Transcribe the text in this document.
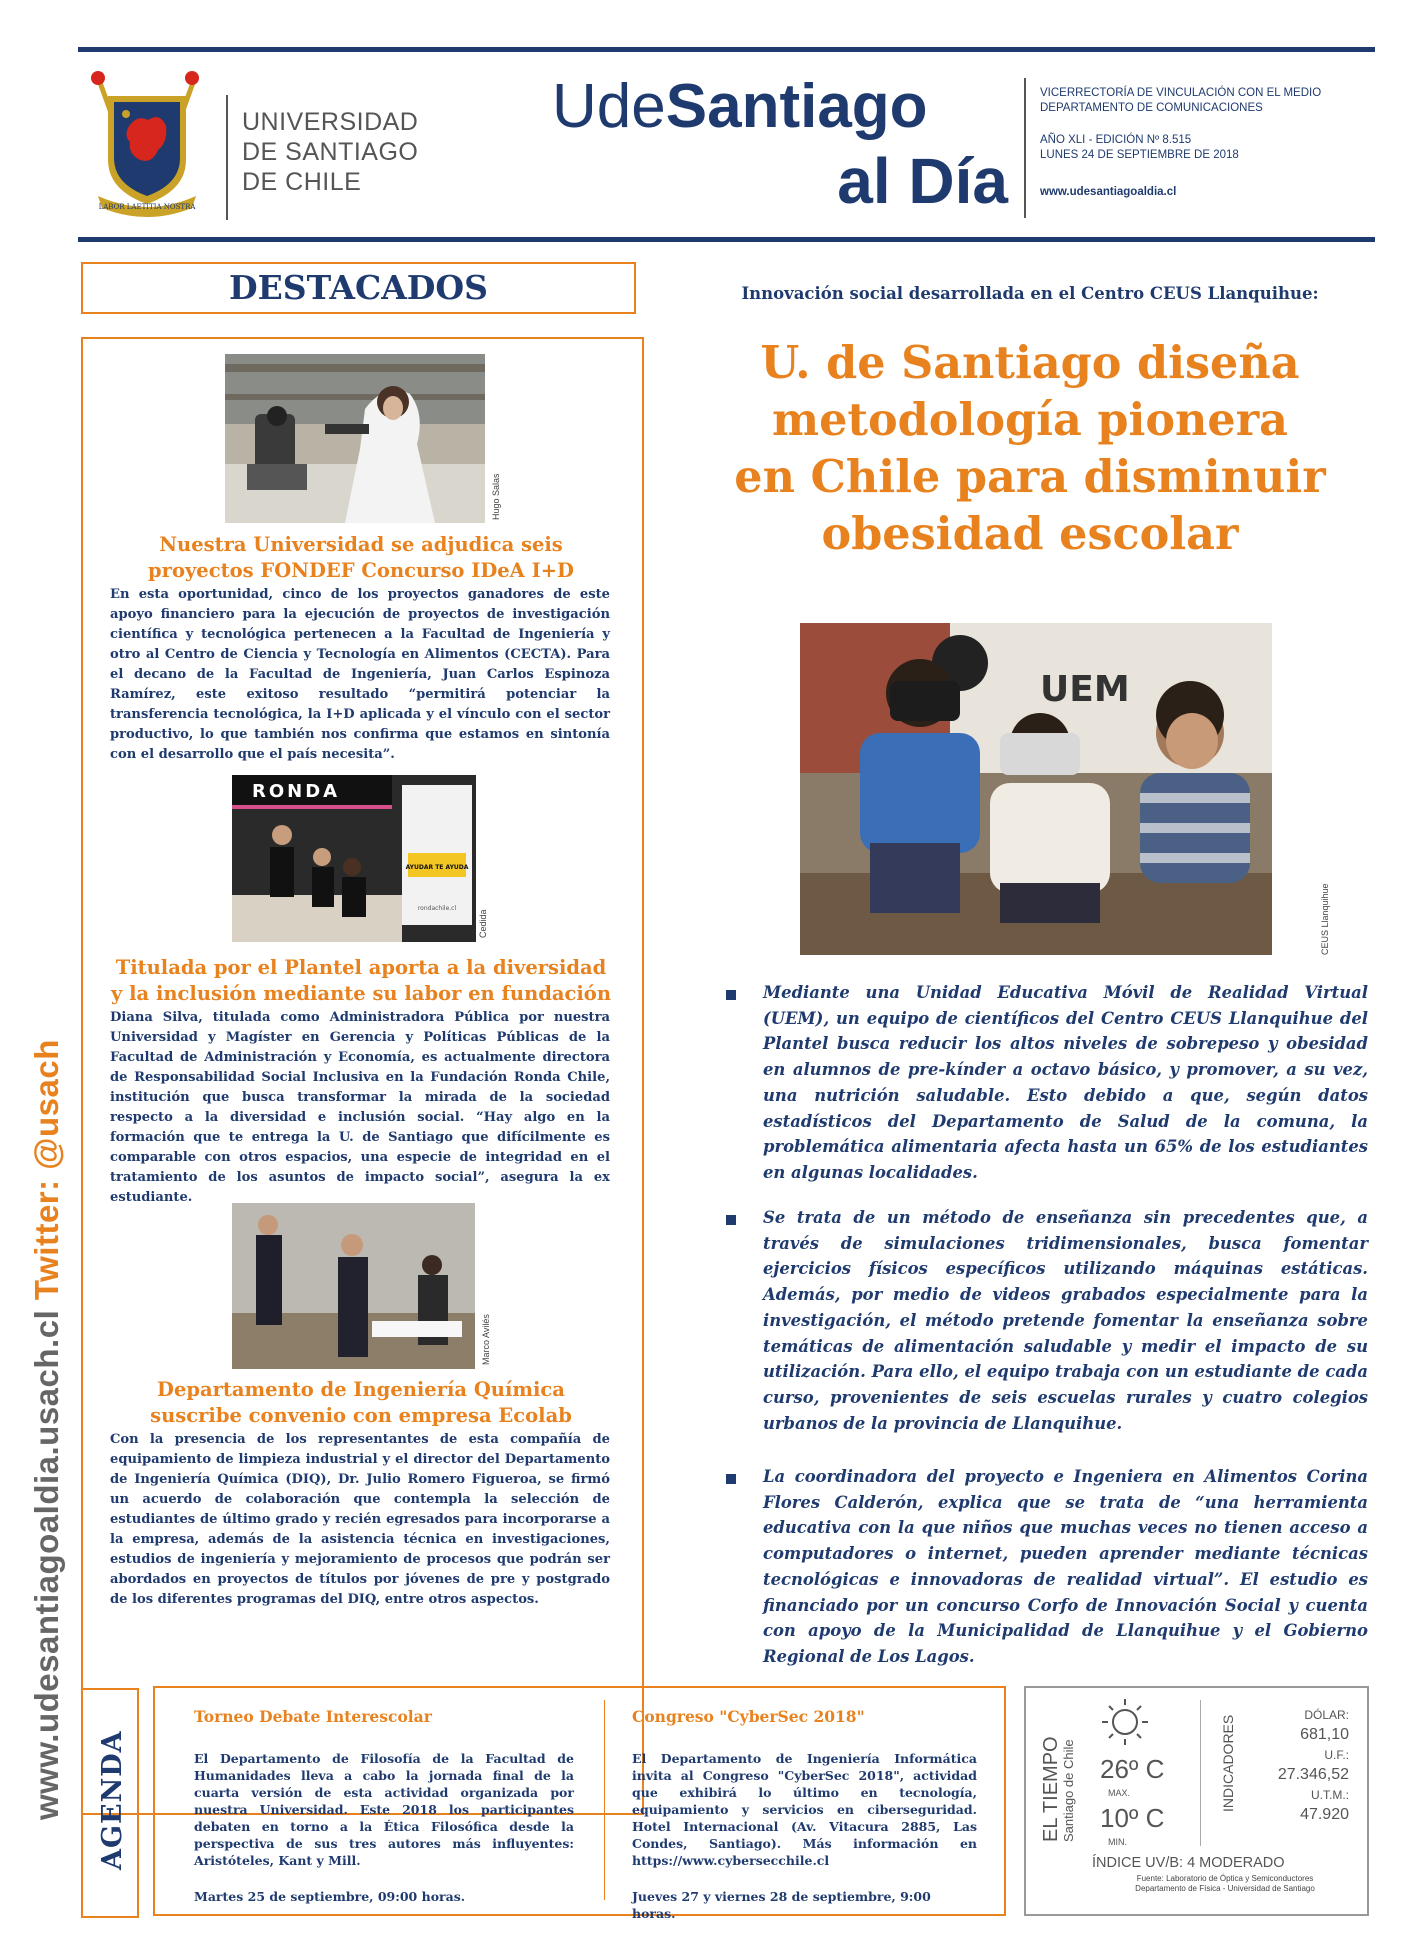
LABOR LAETITIA NOSTRA
UNIVERSIDAD
DE SANTIAGO
DE CHILE
UdeSantiago
al Día
VICERRECTORÍA DE VINCULACIÓN CON EL MEDIO
DEPARTAMENTO DE COMUNICACIONES
AÑO XLI - EDICIÓN Nº 8.515
LUNES 24 DE SEPTIEMBRE DE 2018
www.udesantiagoaldia.cl
www.udesantiagoaldia.usach.cl Twitter: @usach
DESTACADOS
Hugo Salas
Nuestra Universidad se adjudica seis
proyectos FONDEF Concurso IDeA I+D
En esta oportunidad, cinco de los proyectos ganadores de este apoyo financiero para la ejecución de proyectos de investigación científica y tecnológica pertenecen a la Facultad de Ingeniería y otro al Centro de Ciencia y Tecnología en Alimentos (CECTA). Para el decano de la Facultad de Ingeniería, Juan Carlos Espinoza Ramírez, este exitoso resultado “permitirá potenciar la transferencia tecnológica, la I+D aplicada y el vínculo con el sector productivo, lo que también nos confirma que estamos en sintonía con el desarrollo que el país necesita”.
RONDA
AYUDAR TE AYUDA
rondachile.cl
Cedida
Titulada por el Plantel aporta a la diversidad
y la inclusión mediante su labor en fundación
Diana Silva, titulada como Administradora Pública por nuestra Universidad y Magíster en Gerencia y Políticas Públicas de la Facultad de Administración y Economía, es actualmente directora de Responsabilidad Social Inclusiva en la Fundación Ronda Chile, institución que busca transformar la mirada de la sociedad respecto a la diversidad e inclusión social. “Hay algo en la formación que te entrega la U. de Santiago que difícilmente es comparable con otros espacios, una especie de integridad en el tratamiento de los asuntos de impacto social”, asegura la ex estudiante.
Marco Avilés
Departamento de Ingeniería Química
suscribe convenio con empresa Ecolab
Con la presencia de los representantes de esta compañía de equipamiento de limpieza industrial y el director del Departamento de Ingeniería Química (DIQ), Dr. Julio Romero Figueroa, se firmó un acuerdo de colaboración que contempla la selección de estudiantes de último grado y recién egresados para incorporarse a la empresa, además de la asistencia técnica en investigaciones, estudios de ingeniería y mejoramiento de procesos que podrán ser abordados en proyectos de títulos por jóvenes de pre y postgrado de los diferentes programas del DIQ, entre otros aspectos.
Innovación social desarrollada en el Centro CEUS Llanquihue:
U. de Santiago diseña
metodología pionera
en Chile para disminuir
obesidad escolar
UEM
CEUS Llanquihue
Mediante una Unidad Educativa Móvil de Realidad Virtual (UEM), un equipo de científicos del Centro CEUS Llanquihue del Plantel busca reducir los altos niveles de sobrepeso y obesidad en alumnos de pre-kínder a octavo básico, y promover, a su vez, una nutrición saludable. Esto debido a que, según datos estadísticos del Departamento de Salud de la comuna, la problemática alimentaria afecta hasta un 65% de los estudiantes en algunas localidades.
Se trata de un método de enseñanza sin precedentes que, a través de simulaciones tridimensionales, busca fomentar ejercicios físicos específicos utilizando máquinas estáticas. Además, por medio de videos grabados especialmente para la investigación, el método pretende fomentar la enseñanza sobre temáticas de alimentación saludable y medir el impacto de su utilización. Para ello, el equipo trabaja con un estudiante de cada curso, provenientes de seis escuelas rurales y cuatro colegios urbanos de la provincia de Llanquihue.
La coordinadora del proyecto e Ingeniera en Alimentos Corina Flores Calderón, explica que se trata de “una herramienta educativa con la que niños que muchas veces no tienen acceso a computadores o internet, pueden aprender mediante técnicas tecnológicas e innovadoras de realidad virtual”. El estudio es financiado por un concurso Corfo de Innovación Social y cuenta con apoyo de la Municipalidad de Llanquihue y el Gobierno Regional de Los Lagos.
AGENDA
Torneo Debate Interescolar
El Departamento de Filosofía de la Facultad de Humanidades lleva a cabo la jornada final de la cuarta versión de esta actividad organizada por nuestra Universidad. Este 2018 los participantes debaten en torno a la Ética Filosófica desde la perspectiva de sus tres autores más influyentes: Aristóteles, Kant y Mill.
Martes 25 de septiembre, 09:00 horas.
Congreso "CyberSec 2018"
El Departamento de Ingeniería Informática invita al Congreso "CyberSec 2018", actividad que exhibirá lo último en tecnología, equipamiento y servicios en ciberseguridad. Hotel Internacional (Av. Vitacura 2885, Las Condes, Santiago). Más información en https://www.cybersecchile.cl
Jueves 27 y viernes 28 de septiembre, 9:00 horas.
EL TIEMPO Santiago de Chile 26º C
MAX.
10º C
MIN.
INDICADORES	DÓLAR:
681,10
U.F.:
27.346,52
U.T.M.:
47.920
ÍNDICE UV/B: 4 MODERADO
Fuente: Laboratorio de Óptica y Semiconductores
Departamento de Física - Universidad de Santiago
